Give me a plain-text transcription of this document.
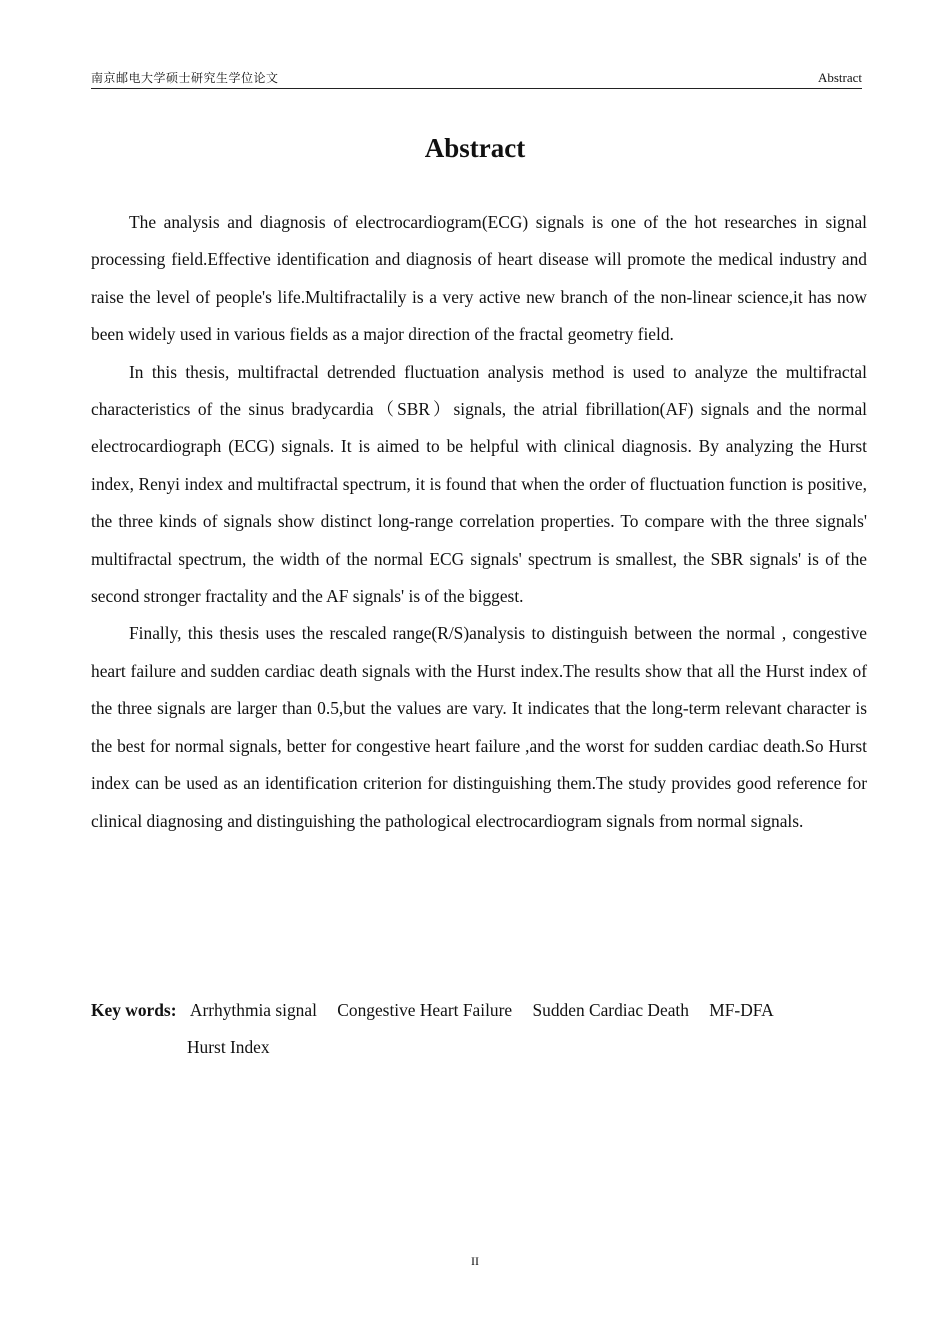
南京邮电大学硕士研究生学位论文	Abstract
Abstract

The analysis and diagnosis of electrocardiogram(ECG) signals is one of the hot researches in signal processing field.Effective identification and diagnosis of heart disease will promote the medical industry and raise the level of people's life.Multifractalily is a very active new branch of the non-linear science,it has now been widely used in various fields as a major direction of the fractal geometry field.

In this thesis, multifractal detrended fluctuation analysis method is used to analyze the multifractal characteristics of the sinus bradycardia（SBR）signals, the atrial fibrillation(AF) signals and the normal electrocardiograph (ECG) signals. It is aimed to be helpful with clinical diagnosis. By analyzing the Hurst index, Renyi index and multifractal spectrum, it is found that when the order of fluctuation function is positive, the three kinds of signals show distinct long-range correlation properties. To compare with the three signals' multifractal spectrum, the width of the normal ECG signals' spectrum is smallest, the SBR signals' is of the second stronger fractality and the AF signals' is of the biggest.

Finally, this thesis uses the rescaled range(R/S)analysis to distinguish between the normal , congestive heart failure and sudden cardiac death signals with the Hurst index.The results show that all the Hurst index of the three signals are larger than 0.5,but the values are vary. It indicates that the long-term relevant character is the best for normal signals, better for congestive heart failure ,and the worst for sudden cardiac death.So Hurst index can be used as an identification criterion for distinguishing them.The study provides good reference for clinical diagnosing and distinguishing the pathological electrocardiogram signals from normal signals.

Key words: Arrhythmia signal Congestive Heart Failure Sudden Cardiac Death MF-DFA
Hurst Index
II
